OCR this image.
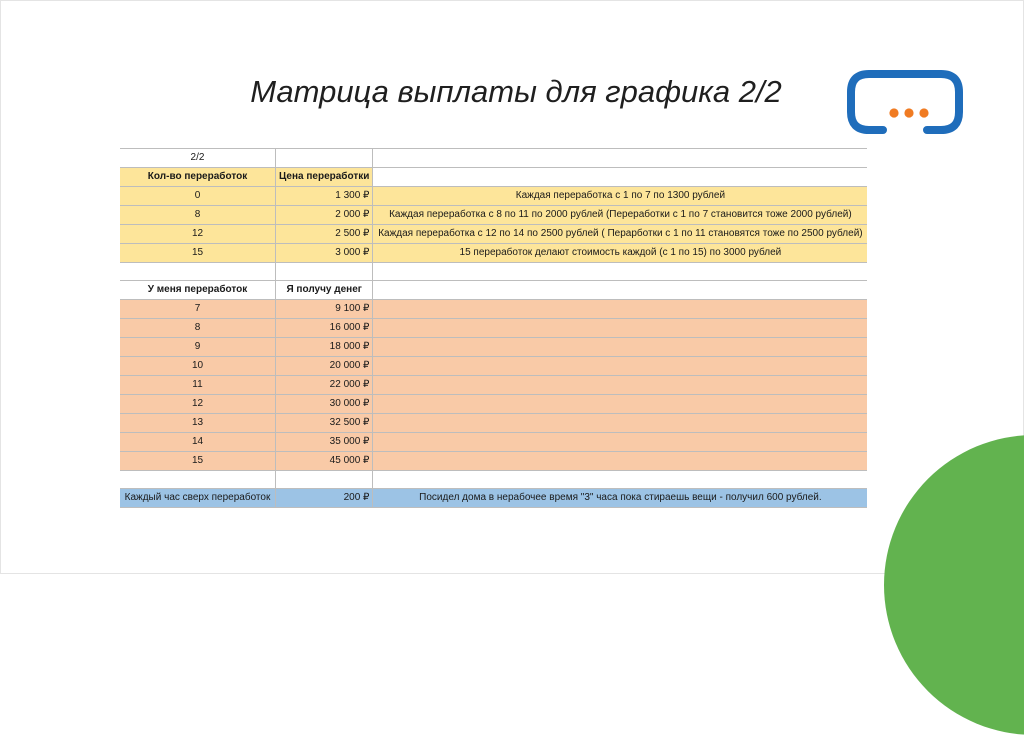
Матрица выплаты для графика 2/2
2/2		
Кол-во переработок	Цена переработки	
0	1 300 ₽	Каждая переработка с 1 по 7 по 1300 рублей
8	2 000 ₽	Каждая переработка с 8 по 11 по 2000 рублей (Переработки с 1 по 7 становится тоже 2000 рублей)
12	2 500 ₽	Каждая переработка с 12 по 14 по 2500 рублей ( Перарботки с 1 по 11 становятся тоже по 2500 рублей)
15	3 000 ₽	15 переработок делают стоимость каждой (с 1 по 15) по 3000 рублей

У меня переработок	Я получу денег	
7	9 100 ₽	
8	16 000 ₽	
9	18 000 ₽	
10	20 000 ₽	
11	22 000 ₽	
12	30 000 ₽	
13	32 500 ₽	
14	35 000 ₽	
15	45 000 ₽	

Каждый час сверх переработок	200 ₽	Посидел дома в нерабочее время "3" часа пока стираешь вещи - получил 600 рублей.
